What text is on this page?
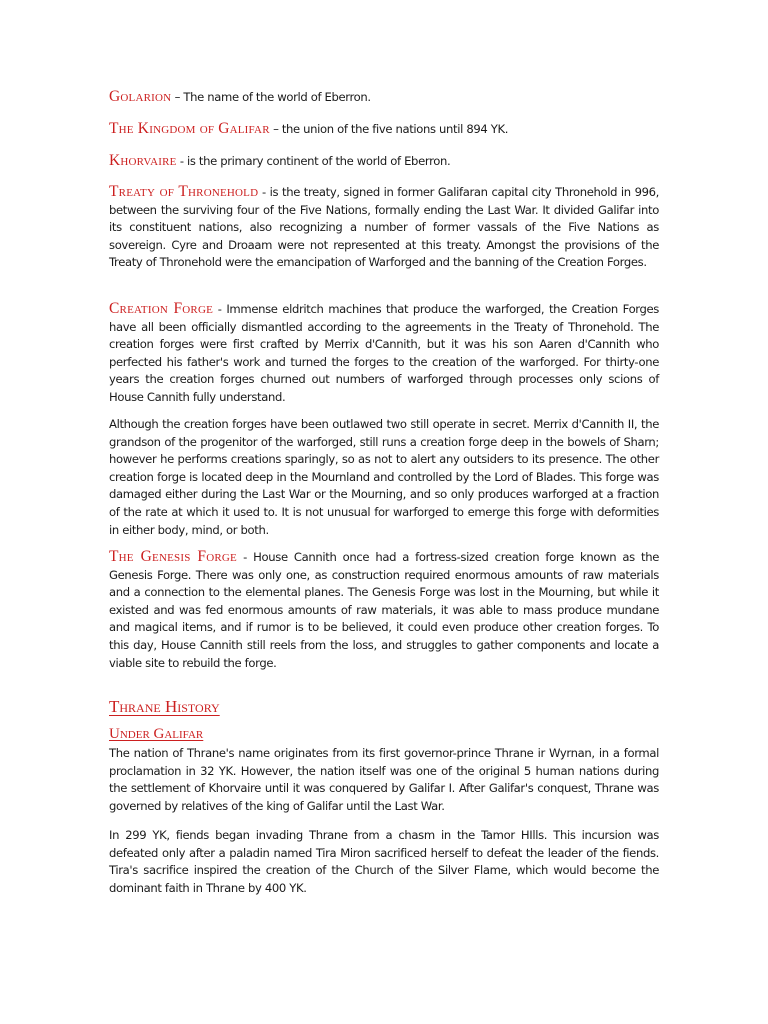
Golarion – The name of the world of Eberron.

The Kingdom of Galifar – the union of the five nations until 894 YK.

Khorvaire - is the primary continent of the world of Eberron.

Treaty of Thronehold - is the treaty, signed in former Galifaran capital city Thronehold in 996, between the surviving four of the Five Nations, formally ending the Last War. It divided Galifar into its constituent nations, also recognizing a number of former vassals of the Five Nations as sovereign. Cyre and Droaam were not represented at this treaty. Amongst the provisions of the Treaty of Thronehold were the emancipation of Warforged and the banning of the Creation Forges.

Creation Forge - Immense eldritch machines that produce the warforged, the Creation Forges have all been officially dismantled according to the agreements in the Treaty of Thronehold. The creation forges were first crafted by Merrix d'Cannith, but it was his son Aaren d'Cannith who perfected his father's work and turned the forges to the creation of the warforged. For thirty-one years the creation forges churned out numbers of warforged through processes only scions of House Cannith fully understand.

Although the creation forges have been outlawed two still operate in secret. Merrix d'Cannith II, the grandson of the progenitor of the warforged, still runs a creation forge deep in the bowels of Sharn; however he performs creations sparingly, so as not to alert any outsiders to its presence. The other creation forge is located deep in the Mournland and controlled by the Lord of Blades. This forge was damaged either during the Last War or the Mourning, and so only produces warforged at a fraction of the rate at which it used to. It is not unusual for warforged to emerge this forge with deformities in either body, mind, or both.

The Genesis Forge - House Cannith once had a fortress-sized creation forge known as the Genesis Forge. There was only one, as construction required enormous amounts of raw materials and a connection to the elemental planes. The Genesis Forge was lost in the Mourning, but while it existed and was fed enormous amounts of raw materials, it was able to mass produce mundane and magical items, and if rumor is to be believed, it could even produce other creation forges. To this day, House Cannith still reels from the loss, and struggles to gather components and locate a viable site to rebuild the forge.

Thrane History
Under Galifar

The nation of Thrane's name originates from its first governor-prince Thrane ir Wyrnan, in a formal proclamation in 32 YK. However, the nation itself was one of the original 5 human nations during the settlement of Khorvaire until it was conquered by Galifar I. After Galifar's conquest, Thrane was governed by relatives of the king of Galifar until the Last War.

In 299 YK, fiends began invading Thrane from a chasm in the Tamor HIlls. This incursion was defeated only after a paladin named Tira Miron sacrificed herself to defeat the leader of the fiends. Tira's sacrifice inspired the creation of the Church of the Silver Flame, which would become the dominant faith in Thrane by 400 YK.
